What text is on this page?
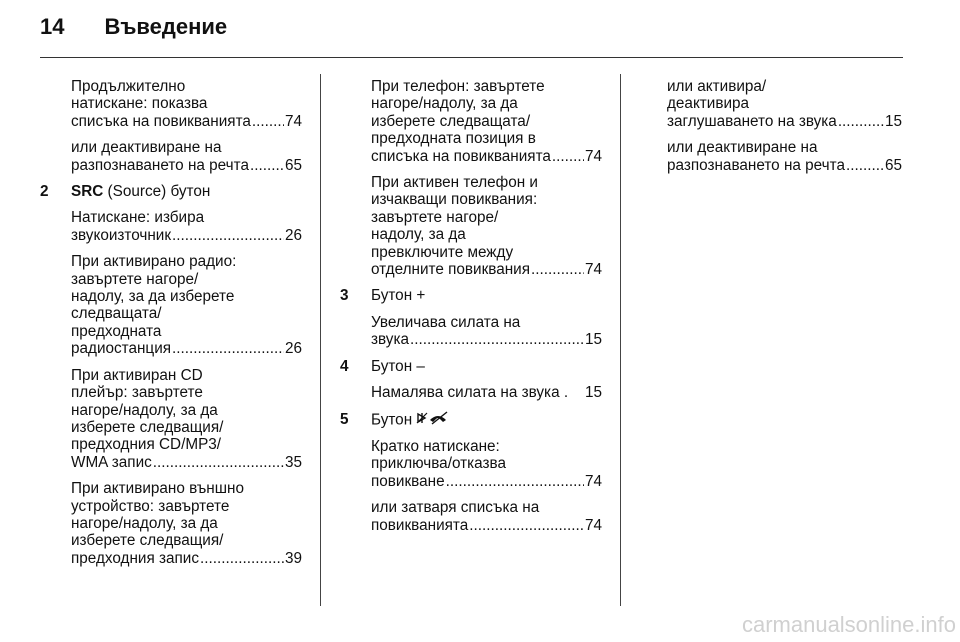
14 Въведение
Продължително
натискане: показва
списъка на повикванията ..... 74
или деактивиране на
разпознаването на речта ..... 65
2	SRC (Source) бутон
Натискане: избира
звукоизточник .....	26
При активирано радио:
завъртете нагоре/
надолу, за да изберете
следващата/
предходната
радиостанция .....	26
При активиран CD
плейър: завъртете
нагоре/надолу, за да
изберете следващия/
предходния CD/MP3/
WMA запис .....	35
При активирано външно
устройство: завъртете
нагоре/надолу, за да
изберете следващия/
предходния запис .....	39
При телефон: завъртете
нагоре/надолу, за да
изберете следващата/
предходната позиция в
списъка на повикванията ..... 74
При активен телефон и
изчакващи повиквания:
завъртете нагоре/
надолу, за да
превключите между
отделните повиквания .....	74
3	Бутон +
Увеличава силата на
звука .....	15
4	Бутон –
Намалява силата на звука . 15
5	Бутон
Кратко натискане:
приключва/отказва
повикване .....	74
или затваря списъка на
повикванията .....	74
или активира/
деактивира
заглушаването на звука .....	15
или деактивиране на
разпознаването на речта .....	65
carmanualsonline.info
